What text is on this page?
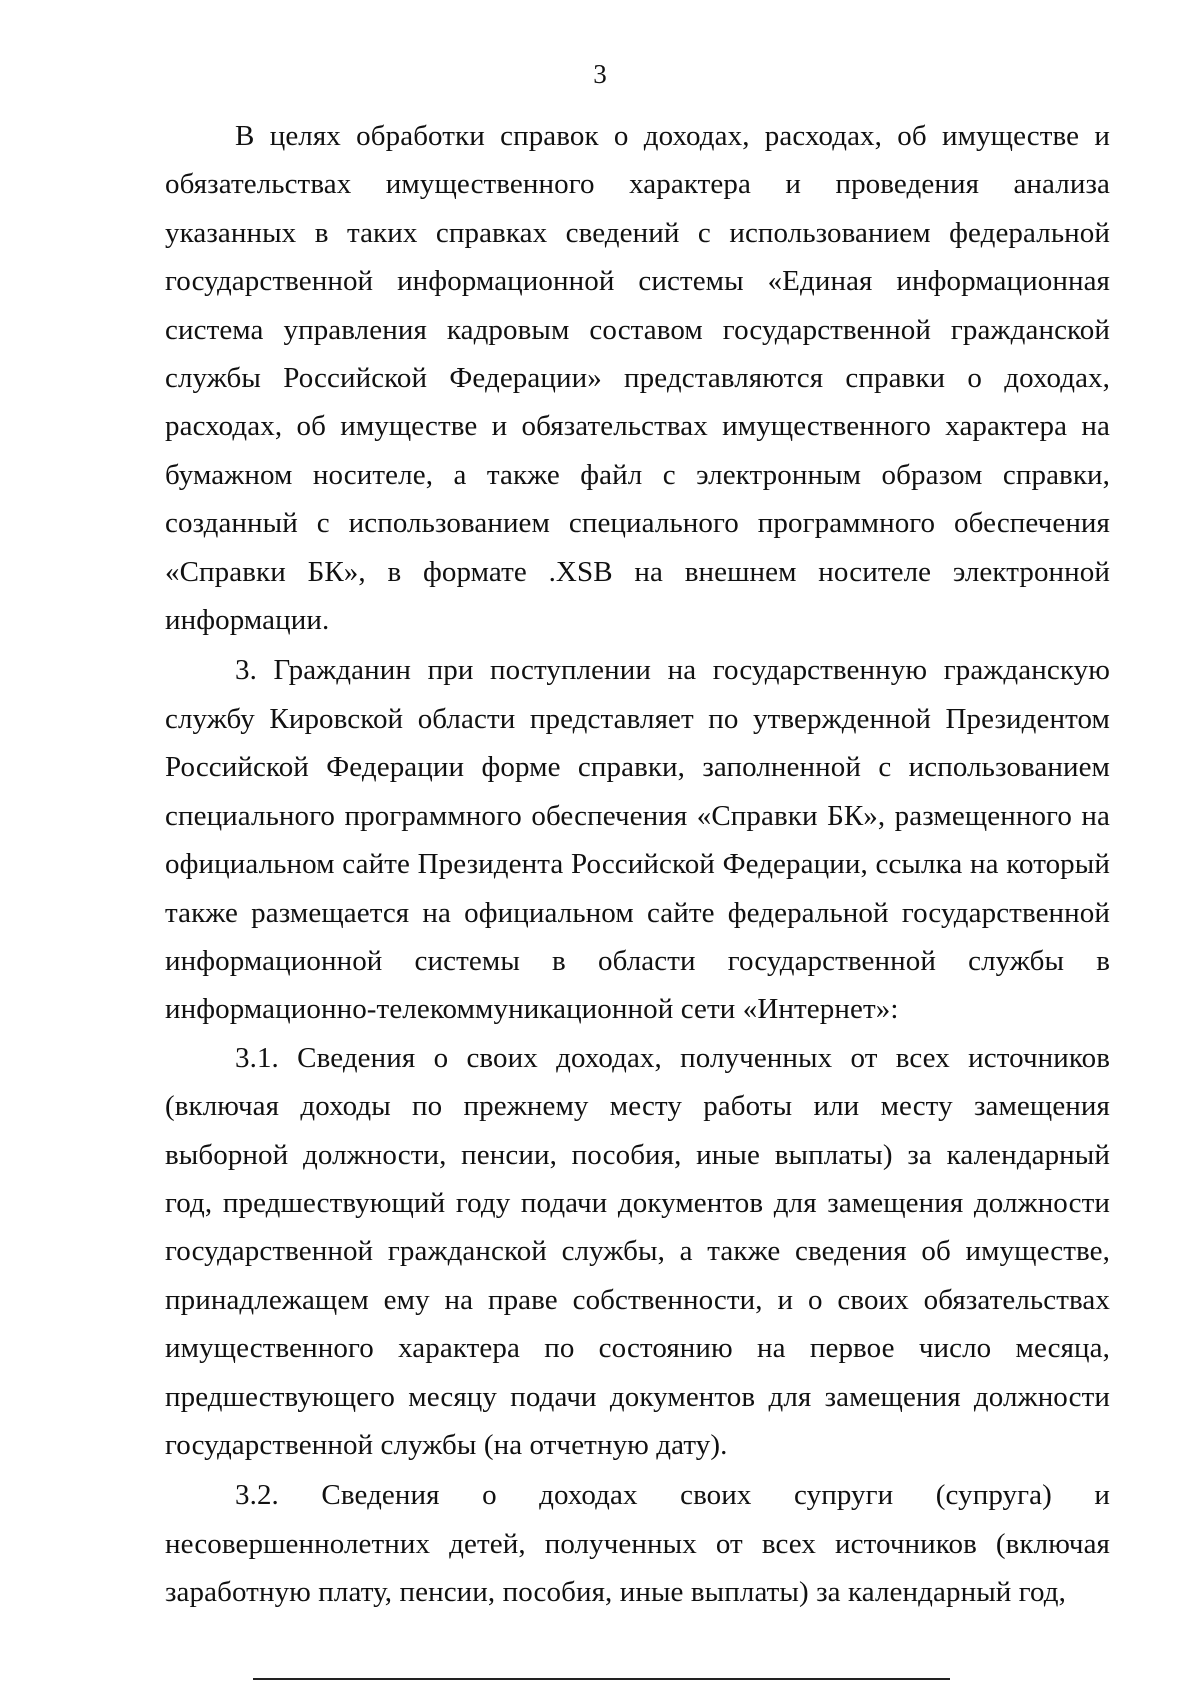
3

В целях обработки справок о доходах, расходах, об имуществе и обязательствах имущественного характера и проведения анализа указанных в таких справках сведений с использованием федеральной государственной информационной системы «Единая информационная система управления кадровым составом государственной гражданской службы Российской Федерации» представляются справки о доходах, расходах, об имуществе и обязательствах имущественного характера на бумажном носителе, а также файл с электронным образом справки, созданный с использованием специального программного обеспечения «Справки БК», в формате .XSB на внешнем носителе электронной информации.

3. Гражданин при поступлении на государственную гражданскую службу Кировской области представляет по утвержденной Президентом Российской Федерации форме справки, заполненной с использованием специального программного обеспечения «Справки БК», размещенного на официальном сайте Президента Российской Федерации, ссылка на который также размещается на официальном сайте федеральной государственной информационной системы в области государственной службы в информационно-телекоммуникационной сети «Интернет»:

3.1. Сведения о своих доходах, полученных от всех источников (включая доходы по прежнему месту работы или месту замещения выборной должности, пенсии, пособия, иные выплаты) за календарный год, предшествующий году подачи документов для замещения должности государственной гражданской службы, а также сведения об имуществе, принадлежащем ему на праве собственности, и о своих обязательствах имущественного характера по состоянию на первое число месяца, предшествующего месяцу подачи документов для замещения должности государственной службы (на отчетную дату).

3.2. Сведения о доходах своих супруги (супруга) и несовершеннолетних детей, полученных от всех источников (включая заработную плату, пенсии, пособия, иные выплаты) за календарный год,
